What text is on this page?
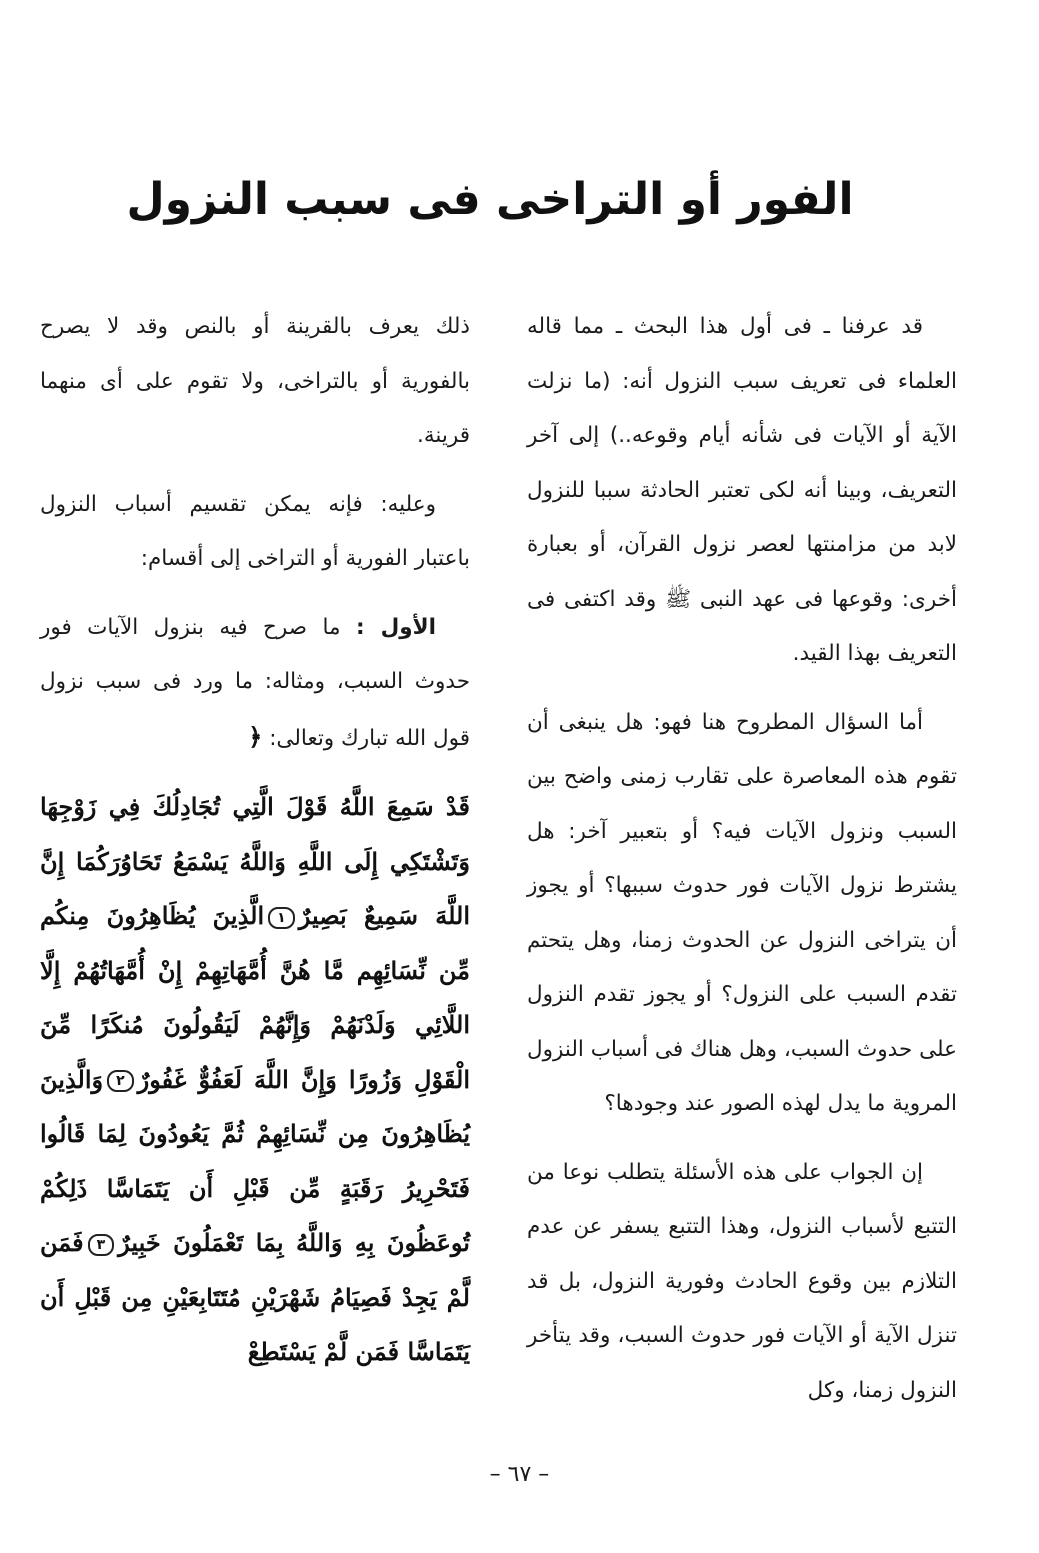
الفور أو التراخى فى سبب النزول

قد عرفنا ـ فى أول هذا البحث ـ مما قاله العلماء فى تعريف سبب النزول أنه: (ما نزلت الآية أو الآيات فى شأنه أيام وقوعه..) إلى آخر التعريف، وبينا أنه لكى تعتبر الحادثة سببا للنزول لابد من مزامنتها لعصر نزول القرآن، أو بعبارة أخرى: وقوعها فى عهد النبى ﷺ وقد اكتفى فى التعريف بهذا القيد.

أما السؤال المطروح هنا فهو: هل ينبغى أن تقوم هذه المعاصرة على تقارب زمنى واضح بين السبب ونزول الآيات فيه؟ أو بتعبير آخر: هل يشترط نزول الآيات فور حدوث سببها؟ أو يجوز أن يتراخى النزول عن الحدوث زمنا، وهل يتحتم تقدم السبب على النزول؟ أو يجوز تقدم النزول على حدوث السبب، وهل هناك فى أسباب النزول المروية ما يدل لهذه الصور عند وجودها؟

إن الجواب على هذه الأسئلة يتطلب نوعا من التتبع لأسباب النزول، وهذا التتبع يسفر عن عدم التلازم بين وقوع الحادث وفورية النزول، بل قد تنزل الآية أو الآيات فور حدوث السبب، وقد يتأخر النزول زمنا، وكل

ذلك يعرف بالقرينة أو بالنص وقد لا يصرح بالفورية أو بالتراخى، ولا تقوم على أى منهما قرينة.

وعليه: فإنه يمكن تقسيم أسباب النزول باعتبار الفورية أو التراخى إلى أقسام:

الأول : ما صرح فيه بنزول الآيات فور حدوث السبب، ومثاله: ما ورد فى سبب نزول قول الله تبارك وتعالى: ﴿

قَدْ سَمِعَ اللَّهُ قَوْلَ الَّتِي تُجَادِلُكَ فِي زَوْجِهَا وَتَشْتَكِي إِلَى اللَّهِ وَاللَّهُ يَسْمَعُ تَحَاوُرَكُمَا إِنَّ اللَّهَ سَمِيعٌ بَصِيرٌ١الَّذِينَ يُظَاهِرُونَ مِنكُم مِّن نِّسَائِهِم مَّا هُنَّ أُمَّهَاتِهِمْ إِنْ أُمَّهَاتُهُمْ إِلَّا اللَّائِي وَلَدْنَهُمْ وَإِنَّهُمْ لَيَقُولُونَ مُنكَرًا مِّنَ الْقَوْلِ وَزُورًا وَإِنَّ اللَّهَ لَعَفُوٌّ غَفُورٌ٢وَالَّذِينَ يُظَاهِرُونَ مِن نِّسَائِهِمْ ثُمَّ يَعُودُونَ لِمَا قَالُوا فَتَحْرِيرُ رَقَبَةٍ مِّن قَبْلِ أَن يَتَمَاسَّا ذَلِكُمْ تُوعَظُونَ بِهِ وَاللَّهُ بِمَا تَعْمَلُونَ خَبِيرٌ٣فَمَن لَّمْ يَجِدْ فَصِيَامُ شَهْرَيْنِ مُتَتَابِعَيْنِ مِن قَبْلِ أَن يَتَمَاسَّا فَمَن لَّمْ يَسْتَطِعْ

– ٦٧ –
